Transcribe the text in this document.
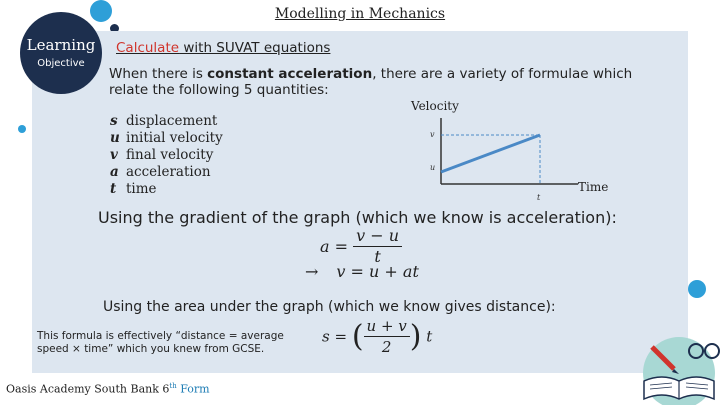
Modelling in Mechanics
Learning
Objective
Calculate with SUVAT equations
When there is constant acceleration, there are a variety of formulae which relate the following 5 quantities:
s displacement
u initial velocity
v final velocity
a acceleration
t time
Velocity
v
u
t
Time
Using the gradient of the graph (which we know is acceleration):
$a = \frac{v - u}{t}$
→ v = u + at
Using the area under the graph (which we know gives distance):
s = ( $\frac{u + v}{2}$ ) t
This formula is effectively “distance = average speed × time” which you knew from GCSE.
Oasis Academy South Bank 6th Form
